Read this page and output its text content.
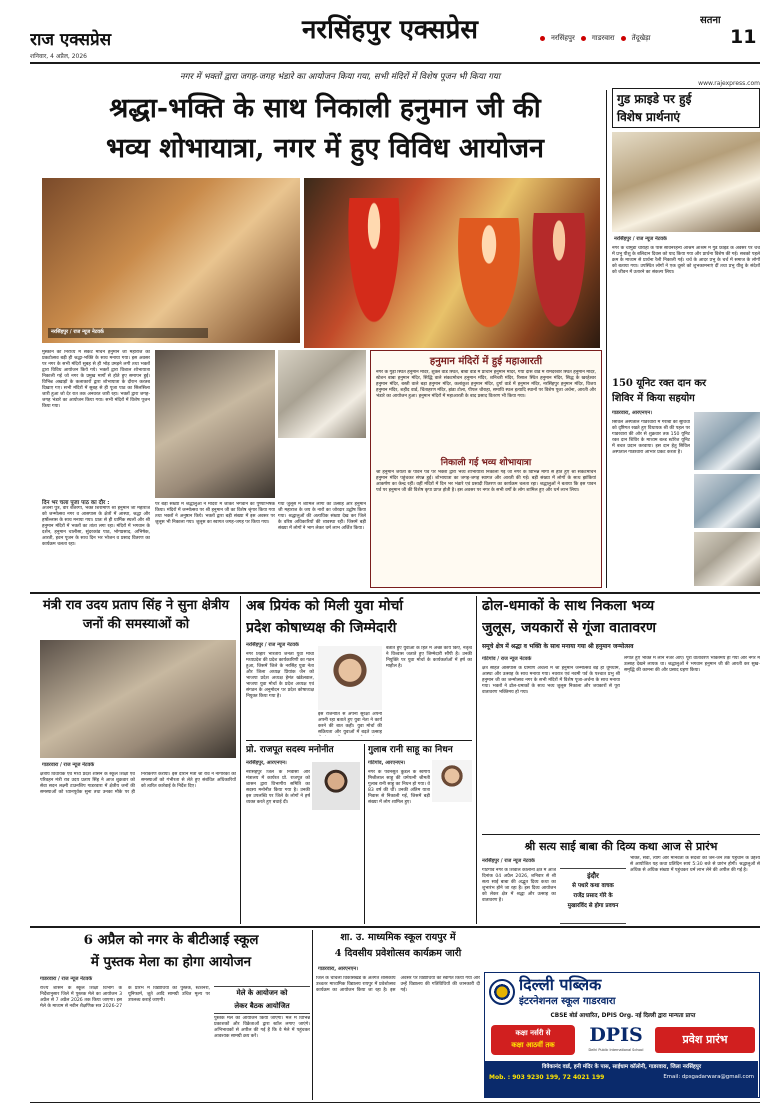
राज एक्सप्रेस
शनिवार, 4 अप्रैल, 2026
नरसिंहपुर एक्सप्रेस	नरसिंहपुर गाडरवारा तेंदूखेड़ा
सतना
11
www.rajexpress.com
नगर में भक्तों द्वारा जगह-जगह भंडारे का आयोजन किया गया, सभी मंदिरों में विशेष पूजन भी किया गया
श्रद्धा-भक्ति के साथ निकाली हनुमान जी की
भव्य शोभायात्रा, नगर में हुए विविध आयोजन
नरसिंहपुर / राज न्यूज नेटवर्क
मुस्कान को निरोध्य में संकट मोचन हनुमान जी महाराज का प्रकटोत्सव बड़ी ही श्रद्धा-भक्ति के साथ मनाया गया। इस अवसर पर नगर के सभी मंदिरों सुबह से ही भोड़ उमड़ने लगी तथा भक्तों द्वारा विविध आयोजन किये गये। भक्तों द्वारा विशाल शोभायात्रा निकाली गई जो नगर के प्रमुख मार्गों से होते हुए समापन हुई। विभिन्न अखाड़ों के कलाकारों द्वारा शोभायात्रा के दौरान करतब दिखाए गए। सभी मंदिरों में सुबह से ही पूजा पाठ का सिलसिला जारी हुआ जो देर रात तक अनवरत जारी रहा। भक्तों द्वारा जगह-जगह भंडारे का आयोजन किया गया। सभी मंदिरों में विशेष पूजन किया गया।
दिन भर चला पूजा पाठ का दौर :
अंजनी पुत्र, वीर बजरंगी, भक्त शिरोमणि श्री हनुमान जी महाराज को जन्मोत्सव नगर व आसपास के क्षेत्रों में आस्था, श्रद्धा और हर्षोल्लास के साथ मनाया गया। प्रातः से ही धार्मिक स्थलों और श्री हनुमान मंदिरों में भक्तों का तांता लगा रहा। मंदिरों में भगवान के दर्शन, हनुमान चालीसा, सुंदरकांड पाठ, भोगप्रसाद, अभिषेक, आरती, हवन पूजन के साथ दिन भर भोजन व प्रसाद वितरण का कार्यक्रम चलता रहा।
पर बड़ी संख्या में श्रद्धालुओं ने मंदिरों में जाकर भगवान का पुष्पाभिषेक किया। मंदिरों में जन्मोत्सव पर श्री हनुमान जी का विशेष श्रृंगार किया गया तथा भक्तों ने अनुष्ठान किये। भक्तों द्वारा बड़ी संख्या में इस अवसर पर जुलूस भी निकाला गया। जुलूस का स्वागत जगह-जगह पर किया गया।
गया जुलूस में शामिल लोगों का उत्साह और हनुमान जी महाराज के जय के नारों का जोरदार उद्घोष किया गया। श्रद्धालुओं की अत्यधिक संख्या देख कर जिले के वरिष्ठ अधिकारियों की व्यवस्था रही। जिसमें बड़ी संख्या में लोगों ने भाग लेकर धर्म लाभ अर्जित किया।
हनुमान मंदिरों में हुई महाआरती
नगर के गुड़ी स्थित हनुमान मंदिर, शुक्ल वार्ड स्थित, बाबा वार्ड में प्राचीन हनुमान मंदिर, गया दास वार्ड में रामदरबार स्थित हनुमान मंदिर, स्टेशन बाबा हनुमान मंदिर, सिद्धि वाले संकटमोचन हनुमान मंदिर, शनिचरी मंदिर, रिसाल स्थित हनुमान मंदिर, सिद्ध के खरहेश्वर हनुमान मंदिर, बस्ती वाले बड़ा हनुमान मंदिर, कलांकुश हनुमान मंदिर, दुर्गा वार्ड में हनुमान मंदिर, नरसिंहपुर हनुमान मंदिर, विजय हनुमान मंदिर, शहीद वार्ड, चिंताहरण मंदिर, झंडा टोला, पीपल चौराहा, समाधि स्थल इत्यादि स्थानों पर विशेष पूजा अर्चना, आरती और भंडारे का आयोजन हुआ। हनुमान मंदिरों में महाआरती के बाद प्रसाद वितरण भी किया गया।
निकाली गई भव्य शोभायात्रा
श्री हनुमान जयंती के पावन पर्व पर भक्तों द्वारा भव्य शोभायात्रा निकाली गई जो नगर के विभिन्न मार्गों से होते हुए श्री संकटमोचन हनुमान मंदिर पहुंचकर संपन्न हुई। शोभायात्रा का जगह-जगह स्वागत और आरती की गई। बड़ी संख्या में लोगों के साथ झांकियां आकर्षण का केन्द्र रहीं। वहीं मंदिरों में दिन भर भंडारे एवं प्रसादी वितरण का कार्यक्रम चलता रहा। श्रद्धालुओं ने बताया कि इस पावन पर्व पर हनुमान जी की विशेष कृपा प्राप्त होती है। इस अवसर पर नगर के सभी वर्गों के लोग शामिल हुए और धर्म लाभ लिया।
गुड फ्राइडे पर हुई
विशेष प्रार्थनाएं
नरसिंहपुर / राज न्यूज नेटवर्क
नगर के चामुंडा चौराहा के पास सविनरहन्य आश्रम आश्रम में गुड फ्राइडे के अवसर पर चर्च में प्रभु यीशु के बलिदान दिवस को याद किया गया और प्रार्थना विशेष की गई। सबको पहले क्रम के माध्यम से प्रार्थना रैली निकाली गई। चर्च के आदर प्रभु के चर्च में समाज के लोगों को बताया गया। उपस्थित लोगों ने एक दूसरे को शुभकामनाएं दीं तथा प्रभु यीशु के संदेशों को जीवन में उतारने का संकल्प लिया।
150 यूनिट रक्त दान कर
शिविर में किया सहयोग
गाडरवारा, आरएनएन।
सिविल अस्पताल गाडरवारा में गरीबी की सुविधा को दृष्टिगत रखते हुए विधायक श्री की पहल पर गाडरवारा की ओर से शुक्रवार तक 150 यूनिट रक्त दान शिविर के माध्यम बल्ड स्टोरेज यूनिट में बचत प्रदान करवाया। इस दान हेतु सिविल अस्पताल गाडरवारा आभार प्रकट करता है।
मंत्री राव उदय प्रताप सिंह ने सुना क्षेत्रीय जनों की समस्याओं को
गाडरवारा / राज न्यूज नेटवर्क
क्षेत्रीय विधायक एवं मध्य प्रदेश शासन के स्कूल शिक्षा एवं परिवहन मंत्री राव उदय प्रताप सिंह ने आज शुक्रवार को सेवा सदन लक्ष्मी टाउनशिप गाडरवारा में क्षेत्रीय जनों की समस्याओं को ध्यानपूर्वक सुना तथा उनका मौके पर ही निराकरण कराया। इस दौरान मंत्री श्री राव ने नागरिकों की समस्याओं को गंभीरता से लेते हुए संबंधित अधिकारियों को त्वरित कार्रवाई के निर्देश दिए।
अब प्रियंक को मिली युवा मोर्चा
प्रदेश कोषाध्यक्ष की जिम्मेदारी
नरसिंहपुर / राज न्यूज नेटवर्क
नगर तिहार भारतीय जनता युवा मोर्चा मध्यप्रदेश की प्रदेश कार्यकारिणी का गठन हुआ, जिसमें जिले के नरसिंह युवा नेता और जिला अध्यक्ष प्रियांक जैन को भाजपा प्रदेश अध्यक्ष हेमंत खंडेलवाल, भाजपा युवा मोर्चा के प्रदेश अध्यक्ष एवं संगठन के अनुमोदन पर प्रदेश कोषाध्यक्ष नियुक्त किया गया है।
इस राजनीति से अपनी सुरक्षा अपनी अपनी रहा बताते हुए युवा नेता ने कार्य करने की बात कही। युवा मोर्चा की सक्रियता और युवाओं में बढ़ते उत्साह
बताते हुए युवाओं के हित में अच्छे कार्य किए, नेतृत्व ने विश्वास जताते हुए जिम्मेदारी सौंपी है। उनकी नियुक्ति पर युवा मोर्चा के कार्यकर्ताओं में हर्ष का माहौल है।
प्रो. राजपूत सदस्य मनोनीत
नरसिंहपुर, आरएनएन।
नरसिंहपुर जिले के निवासी और मंत्रालय में कार्यरत प्रो. राजपूत को शासन द्वारा विभागीय समिति का सदस्य मनोनीत किया गया है। उनकी इस उपलब्धि पर जिले के लोगों ने हर्ष व्यक्त करते हुए बधाई दी।
गुलाब रानी साहू का निधन
गोटेगांव, आरएनएन।
नगर के पवनसुत कुंडल के स्वर्गीय मिश्रीलाल साहू की धर्मपत्नी श्रीमती गुलाब रानी साहू का निधन हो गया। वे 83 वर्ष की थीं। उनकी अंतिम यात्रा निवास से निकाली गई, जिसमें बड़ी संख्या में लोग शामिल हुए।
ढोल-धमाकों के साथ निकला भव्य
जुलूस, जयकारों से गूंजा वातावरण
समूचे क्षेत्र में श्रद्धा व भक्ति के साथ मनाया गया श्री हनुमान जन्मोत्सव
गोटेगांव / राज न्यूज नेटवर्क
क्षेत्र सहित आसपास के ग्रामीण अंचलों में श्री हनुमान जन्मोत्सव बड़े ही धूमधाम, आस्था और उत्साह के साथ मनाया गया। नवरात्र एवं नवमी पर्व के पश्चात प्रभु श्री हनुमान जी का जन्मोत्सव नगर के सभी मंदिरों में विशेष पूजा-अर्चना के साथ मनाया गया। भक्तों ने ढोल-धमाकों के साथ भव्य जुलूस निकाला और जयकारों से पूरा वातावरण भक्तिमय हो गया।
लगाते हुए भक्ति में लीन नजर आए। पूरा वातावरण भक्तिमय हो गया और नगर में उत्साह देखने लायक था। श्रद्धालुओं ने भगवान हनुमान जी की आरती कर सुख-समृद्धि की कामना की और प्रसाद ग्रहण किया।
श्री सत्य साई बाबा की दिव्य कथा आज से प्रारंभ
नरसिंहपुर / राज न्यूज नेटवर्क
गोटेगांव नगर के शिवाल कॉलोनी क्षेत्र में आज दिनांक 04 अप्रैल 2026, शनिवार से श्री सत्य साई बाबा की अद्भुत दिव्य कथा का शुभारंभ होने जा रहा है। इस दिव्य आयोजन को लेकर क्षेत्र में श्रद्धा और उत्साह का वातावरण है।
इंदौर
से पधारे कथा वाचक
राजेंद्र प्रसाद गोरे के
मुखारविंद से होगा प्रवचन
भक्ति, सेवा, त्याग और मानवता के संदेशों को जन-जन तक पहुंचाने के उद्देश्य से आयोजित यह कथा प्रतिदिन सायं 5:30 बजे से प्रारंभ होगी। श्रद्धालुओं से अधिक से अधिक संख्या में पहुंचकर धर्म लाभ लेने की अपील की गई है।
6 अप्रैल को नगर के बीटीआई स्कूल
में पुस्तक मेला का होगा आयोजन
गाडरवारा / राज न्यूज नेटवर्क
राज्य शासन के स्कूल शिक्षा विभाग के निर्देशानुसार जिले में पुस्तक मेले का आयोजन 3 अप्रैल से 7 अप्रैल 2026 तक किया जाएगा। इस मेले के माध्यम से नवीन शैक्षणिक सत्र 2026-27 के प्रारंभ में विद्यार्थियों को पुस्तकें, स्टेशनरी, यूनिफार्म, जूते आदि सामग्री उचित मूल्य पर उपलब्ध कराई जाएगी।
मेले के आयोजन को
लेकर बैठक आयोजित
पुस्तक मेले का आयोजन किया जाएगा। मेले में विभिन्न प्रकाशकों और विक्रेताओं द्वारा स्टॉल लगाए जाएंगे। अभिभावकों से अपील की गई है कि वे मेले में पहुंचकर आवश्यक सामग्री क्रय करें।
शा. उ. माध्यमिक स्कूल रायपुर में
4 दिवसीय प्रवेशोत्सव कार्यक्रम जारी
गाडरवारा, आरएनएन।
जिले के चीचली विकासखंड के अंतर्गत शासकीय उच्चतर माध्यमिक विद्यालय रायपुर में प्रवेशोत्सव कार्यक्रम का आयोजन किया जा रहा है। इस अवसर पर विद्यार्थियों का स्वागत किया गया और उन्हें विद्यालय की गतिविधियों की जानकारी दी गई।	दिल्ली पब्लिक
इंटरनेशनल स्कूल गाडरवारा
CBSE बोर्ड आधारित, DPIS Org. नई दिल्ली द्वारा मान्यता प्राप्त
कक्षा नर्सरी से
कक्षा आठवीं तक	DPIS
Delhi Public International School
प्रवेश प्रारंभ
विवेकानंद वार्ड, हनी मंदिर के पास, साईधाम कॉलोनी, गाडरवारा, जिला नरसिंहपुर
Mob. : 903 9230 199, 72 4021 199	Email: dpsgadarwara@gmail.com
